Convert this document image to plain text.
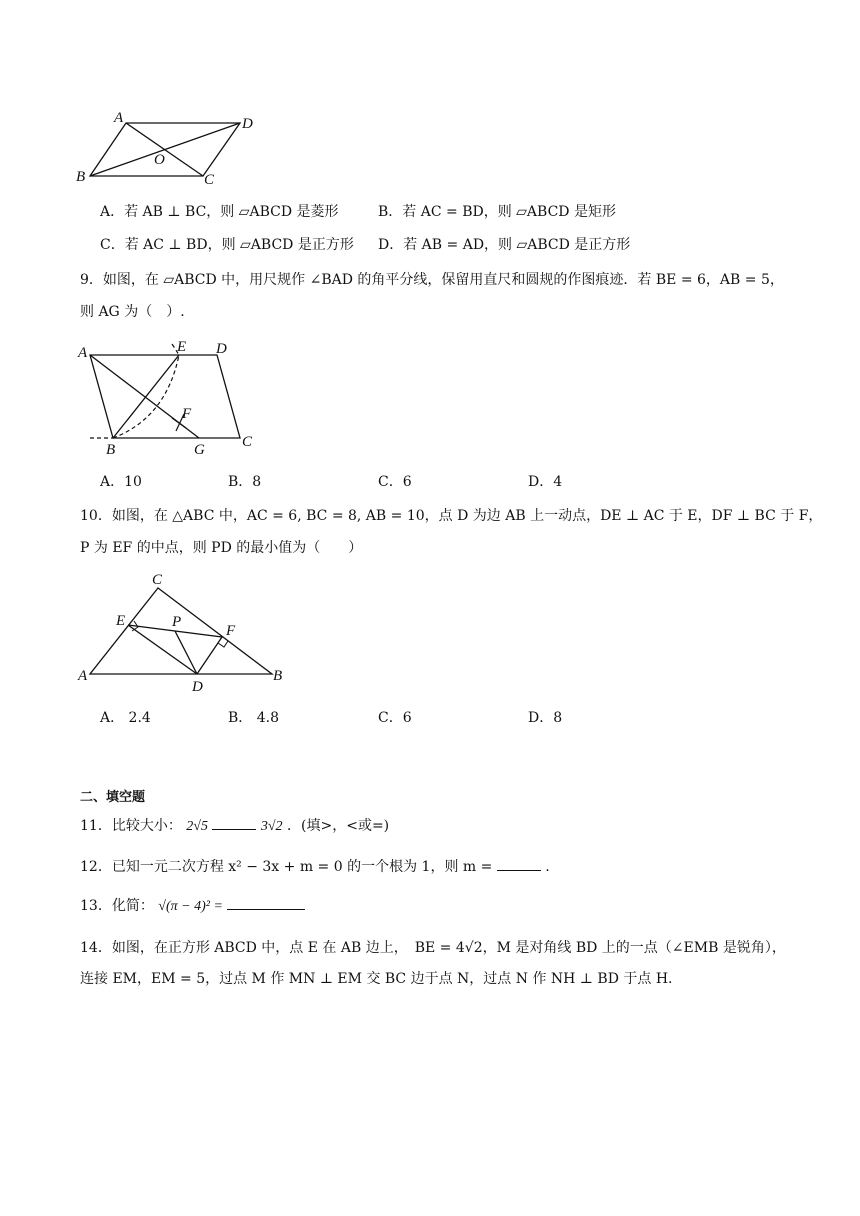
A	D
B	C
O
A．若 AB ⊥ BC，则 ▱ABCD 是菱形	B．若 AC = BD，则 ▱ABCD 是矩形
C．若 AC ⊥ BD，则 ▱ABCD 是正方形 D．若 AB = AD，则 ▱ABCD 是正方形
9．如图，在 ▱ABCD 中，用尺规作 ∠BAD 的角平分线，保留用直尺和圆规的作图痕迹．若 BE = 6，AB = 5，
则 AG 为（　）.
A	E D
F
B	G C
A．10	B．8	C．6	D．4
10．如图，在 △ABC 中，AC = 6, BC = 8, AB = 10，点 D 为边 AB 上一动点，DE ⊥ AC 于 E，DF ⊥ BC 于 F，
P 为 EF 的中点，则 PD 的最小值为（　　）
C
E	P
F
A
D
B
A． 2.4	B． 4.8	C．6	D．8
二、填空题
11．比较大小： 2√5	3√2 ．(填>，<或=)
12．已知一元二次方程 x² − 3x + m = 0 的一个根为 1，则 m =	.
13．化简： √(π − 4)² =
14．如图，在正方形 ABCD 中，点 E 在 AB 边上，　BE = 4√2，M 是对角线 BD 上的一点（∠EMB 是锐角），
连接 EM，EM = 5，过点 M 作 MN ⊥ EM 交 BC 边于点 N，过点 N 作 NH ⊥ BD 于点 H.
